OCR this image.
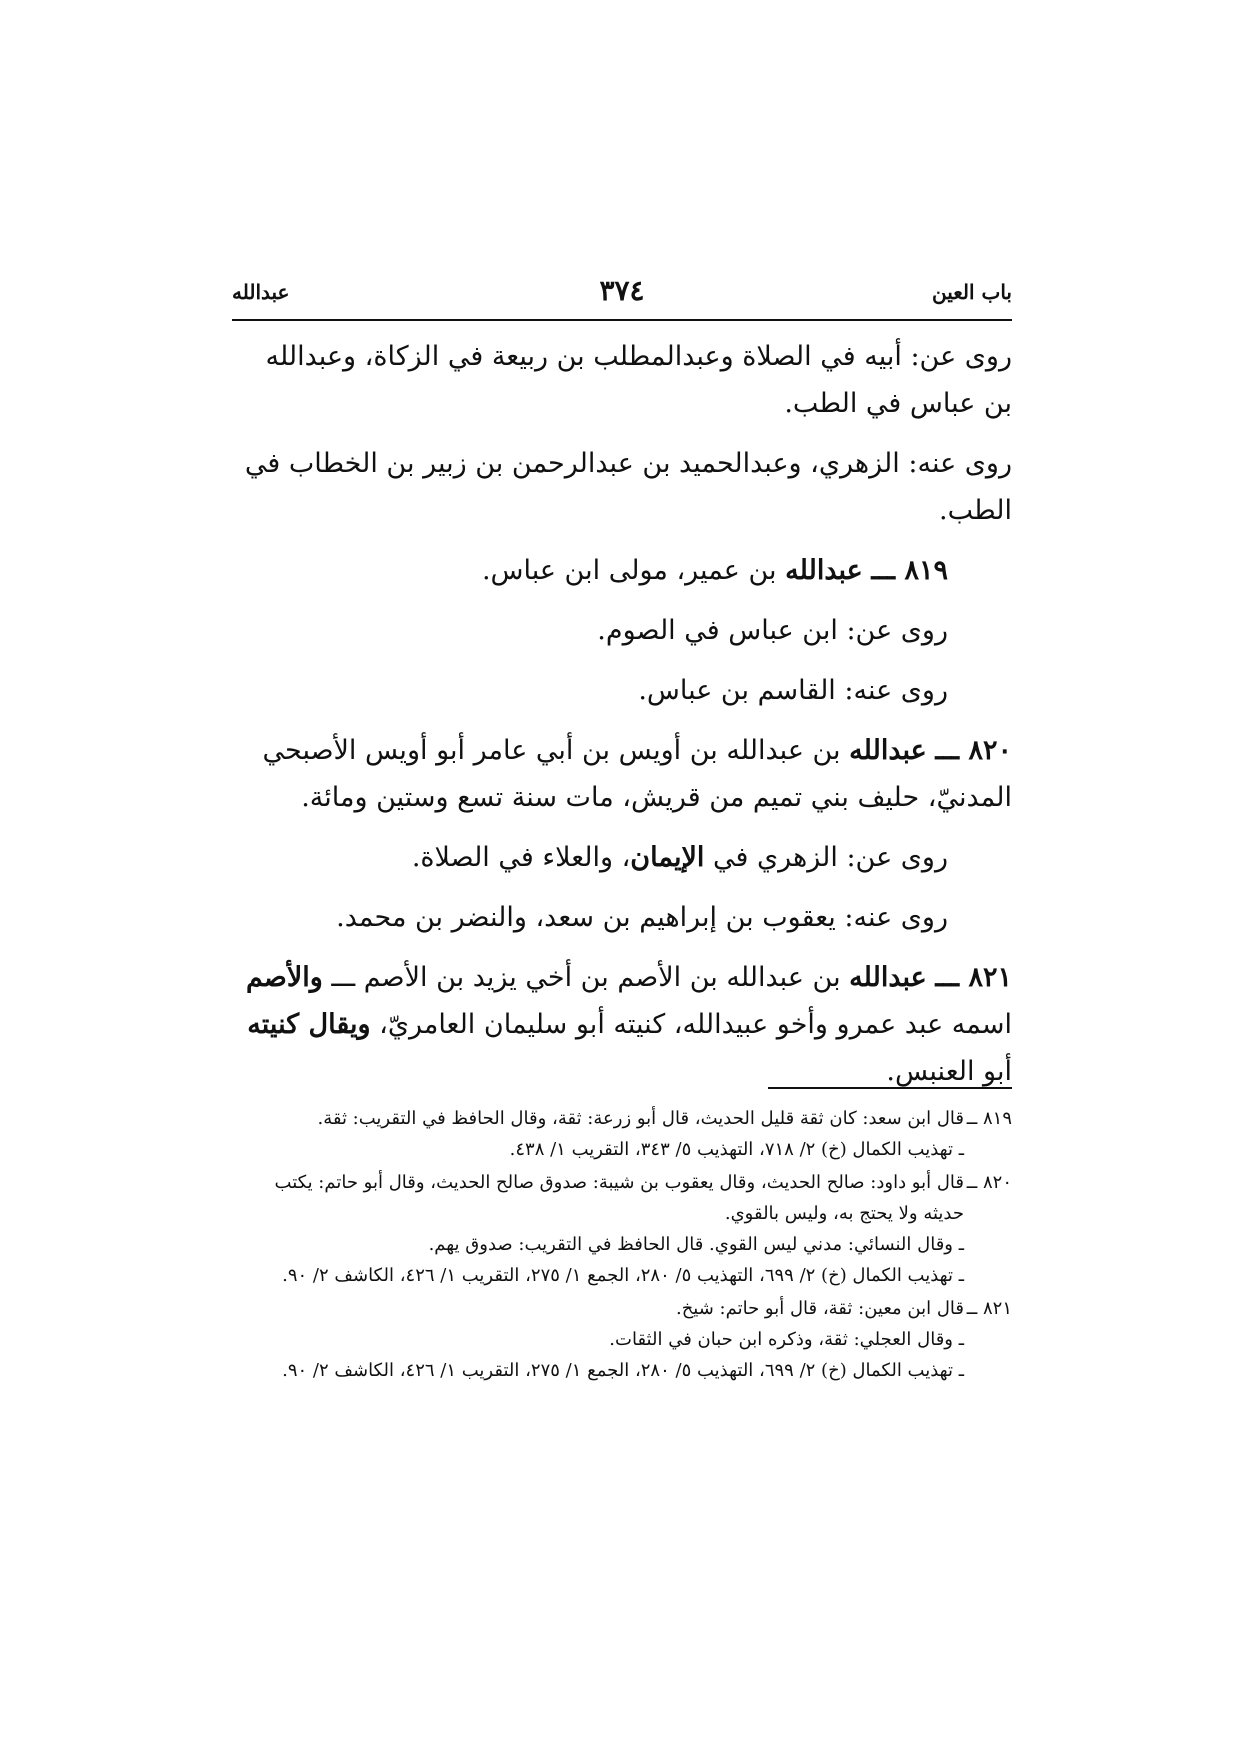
باب العين
٣٧٤
عبدالله

روى عن: أبيه في الصلاة وعبدالمطلب بن ربيعة في الزكاة، وعبدالله بن عباس في الطب.

روى عنه: الزهري، وعبدالحميد بن عبدالرحمن بن زبير بن الخطاب في الطب.

٨١٩ ـــ عبدالله بن عمير، مولى ابن عباس.

روى عن: ابن عباس في الصوم.

روى عنه: القاسم بن عباس.

٨٢٠ ـــ عبدالله بن عبدالله بن أويس بن أبي عامر أبو أويس الأصبحي المدنيّ، حليف بني تميم من قريش، مات سنة تسع وستين ومائة.

روى عن: الزهري في الإيمان، والعلاء في الصلاة.

روى عنه: يعقوب بن إبراهيم بن سعد، والنضر بن محمد.

٨٢١ ـــ عبدالله بن عبدالله بن الأصم بن أخي يزيد بن الأصم ـــ والأصم اسمه عبد عمرو وأخو عبيدالله، كنيته أبو سليمان العامريّ، ويقال كنيته أبو العنبس.

٨١٩ ــ
قال ابن سعد: كان ثقة قليل الحديث، قال أبو زرعة: ثقة، وقال الحافظ في التقريب: ثقة.
ـ تهذيب الكمال (خ) ٢/ ٧١٨، التهذيب ٥/ ٣٤٣، التقريب ١/ ٤٣٨.
٨٢٠ ــ
قال أبو داود: صالح الحديث، وقال يعقوب بن شيبة: صدوق صالح الحديث، وقال أبو حاتم: يكتب حديثه ولا يحتج به، وليس بالقوي.
ـ وقال النسائي: مدني ليس القوي. قال الحافظ في التقريب: صدوق يهم.
ـ تهذيب الكمال (خ) ٢/ ٦٩٩، التهذيب ٥/ ٢٨٠، الجمع ١/ ٢٧٥، التقريب ١/ ٤٢٦، الكاشف ٢/ ٩٠.
٨٢١ ــ
قال ابن معين: ثقة، قال أبو حاتم: شيخ.
ـ وقال العجلي: ثقة، وذكره ابن حبان في الثقات.
ـ تهذيب الكمال (خ) ٢/ ٦٩٩، التهذيب ٥/ ٢٨٠، الجمع ١/ ٢٧٥، التقريب ١/ ٤٢٦، الكاشف ٢/ ٩٠.
